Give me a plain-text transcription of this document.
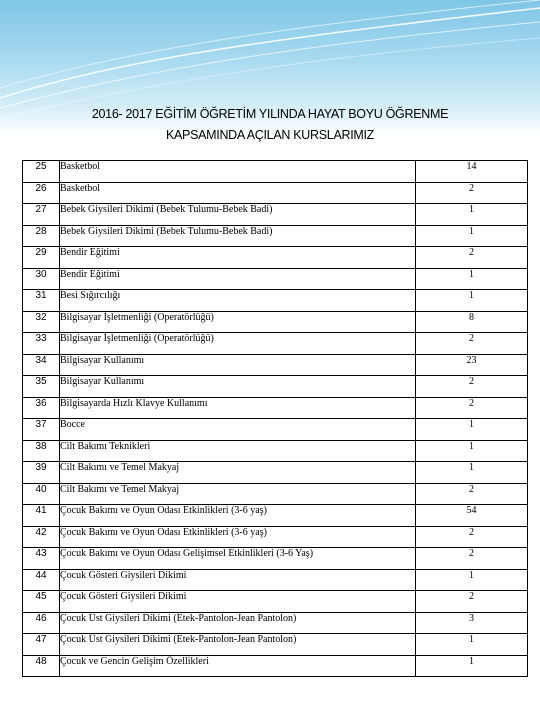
2016- 2017 EĞİTİM ÖĞRETİM YILINDA HAYAT BOYU ÖĞRENME
KAPSAMINDA AÇILAN KURSLARIMIZ
25	Basketbol	14
26	Basketbol	2
27	Bebek Giysileri Dikimi (Bebek Tulumu-Bebek Badi)	1
28	Bebek Giysileri Dikimi (Bebek Tulumu-Bebek Badi)	1
29	Bendir Eğitimi	2
30	Bendir Eğitimi	1
31	Besi Sığırcılığı	1
32	Bilgisayar İşletmenliği (Operatörlüğü)	8
33	Bilgisayar İşletmenliği (Operatörlüğü)	2
34	Bilgisayar Kullanımı	23
35	Bilgisayar Kullanımı	2
36	Bilgisayarda Hızlı Klavye Kullanımı	2
37	Bocce	1
38	Cilt Bakımı Teknikleri	1
39	Cilt Bakımı ve Temel Makyaj	1
40	Cilt Bakımı ve Temel Makyaj	2
41	Çocuk Bakımı ve Oyun Odası Etkinlikleri (3-6 yaş)	54
42	Çocuk Bakımı ve Oyun Odası Etkinlikleri (3-6 yaş)	2
43	Çocuk Bakımı ve Oyun Odası Gelişimsel Etkinlikleri (3-6 Yaş)	2
44	Çocuk Gösteri Giysileri Dikimi	1
45	Çocuk Gösteri Giysileri Dikimi	2
46	Çocuk Üst Giysileri Dikimi (Etek-Pantolon-Jean Pantolon)	3
47	Çocuk Üst Giysileri Dikimi (Etek-Pantolon-Jean Pantolon)	1
48	Çocuk ve Gencin Gelişim Özellikleri	1
